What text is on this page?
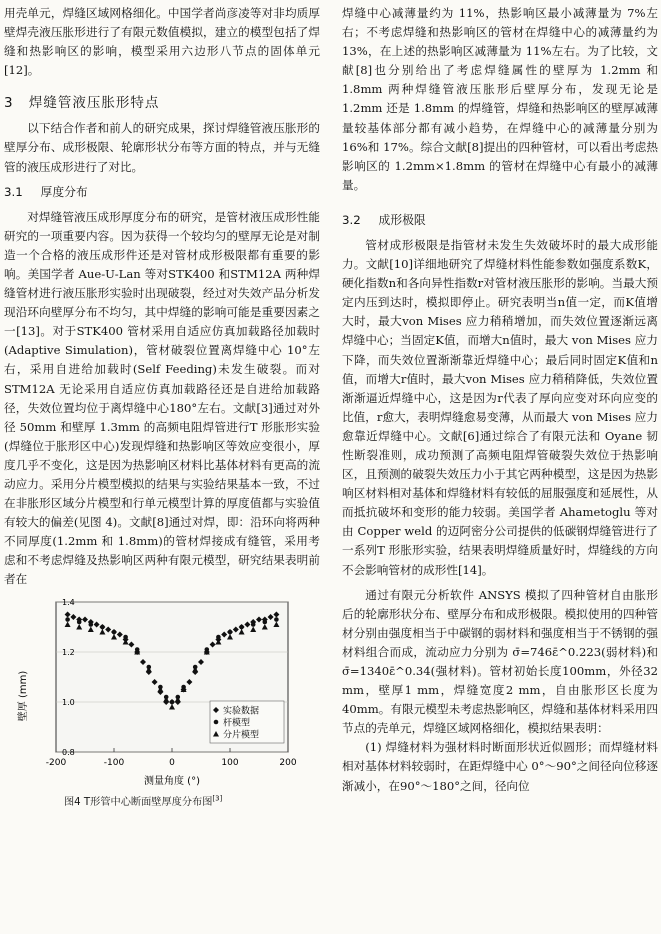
用壳单元，焊缝区域网格细化。中国学者尚彦凌等对非均质厚壁焊壳液压胀形进行了有限元数值模拟，建立的模型包括了焊缝和热影响区的影响，模型采用六边形八节点的固体单元[12]。

3 焊缝管液压胀形特点

以下结合作者和前人的研究成果，探讨焊缝管液压胀形的壁厚分布、成形极限、轮廓形状分布等方面的特点，并与无缝管的液压成形进行了对比。

3.1 厚度分布

对焊缝管液压成形厚度分布的研究，是管材液压成形性能研究的一项重要内容。因为获得一个较均匀的壁厚无论是对制造一个合格的液压成形件还是对管材成形极限都有重要的影响。美国学者 Aue-U-Lan 等对STK400 和STM12A 两种焊缝管材进行液压胀形实验时出现破裂，经过对失效产品分析发现沿环向壁厚分布不均匀，其中焊缝的影响可能是重要因素之一[13]。对于STK400 管材采用自适应仿真加载路径加载时(Adaptive Simulation)，管材破裂位置离焊缝中心 10°左右，采用自进给加载时(Self Feeding)未发生破裂。而对STM12A 无论采用自适应仿真加载路径还是自进给加载路径，失效位置均位于离焊缝中心180°左右。文献[3]通过对外径 50mm 和壁厚 1.3mm 的高频电阻焊管进行T 形胀形实验(焊缝位于胀形区中心)发现焊缝和热影响区等效应变很小，厚度几乎不变化，这是因为热影响区材料比基体材料有更高的流动应力。采用分片模型模拟的结果与实验结果基本一致，不过在非胀形区域分片模型和行单元模型计算的厚度值都与实验值有较大的偏差(见图 4)。文献[8]通过对焊，即：沿环向将两种不同厚度(1.2mm 和 1.8mm)的管材焊接成有缝管，采用考虑和不考虑焊缝及热影响区两种有限元模型，研究结果表明前者在

0.8
1.0
1.2
1.4
-200	-100	0	100	200
实验数据
杆模型
分片模型
壁厚 (mm)
测量角度 (°)
图4 T形管中心断面壁厚度分布图[3]

焊缝中心减薄量约为 11%，热影响区最小减薄量为 7%左右；不考虑焊缝和热影响区的管材在焊缝中心的减薄量约为 13%，在上述的热影响区减薄量为 11%左右。为了比较，文献[8]也分别给出了考虑焊缝属性的壁厚为 1.2mm 和 1.8mm 两种焊缝管液压胀形后壁厚分布，发现无论是 1.2mm 还是 1.8mm 的焊缝管，焊缝和热影响区的壁厚减薄量较基体部分都有减小趋势，在焊缝中心的减薄量分别为 16%和 17%。综合文献[8]提出的四种管材，可以看出考虑热影响区的 1.2mm×1.8mm 的管材在焊缝中心有最小的减薄量。

3.2 成形极限

管材成形极限是指管材未发生失效破坏时的最大成形能力。文献[10]详细地研究了焊缝材料性能参数如强度系数K，硬化指数n和各向异性指数r对管材液压胀形的影响。当最大预定内压到达时，模拟即停止。研究表明当n值一定，而K值增大时，最大von Mises 应力稍稍增加，而失效位置逐渐远离焊缝中心；当固定K值，而增大n值时，最大 von Mises 应力下降，而失效位置渐渐靠近焊缝中心；最后同时固定K值和n值，而增大r值时，最大von Mises 应力稍稍降低，失效位置渐渐逼近焊缝中心，这是因为r代表了厚向应变对环向应变的比值，r愈大，表明焊缝愈易变薄，从而最大 von Mises 应力愈靠近焊缝中心。文献[6]通过综合了有限元法和 Oyane 韧性断裂准则，成功预测了高频电阻焊管破裂失效位于热影响区，且预测的破裂失效压力小于其它两种模型，这是因为热影响区材料相对基体和焊缝材料有较低的屈服强度和延展性，从而抵抗破坏和变形的能力较弱。美国学者 Ahametoglu 等对由 Copper weld 的迈阿密分公司提供的低碳钢焊缝管进行了一系列T 形胀形实验，结果表明焊缝质量好时，焊缝线的方向不会影响管材的成形性[14]。

通过有限元分析软件 ANSYS 模拟了四种管材自由胀形后的轮廓形状分布、壁厚分布和成形极限。模拟使用的四种管材分别由强度相当于中碳钢的弱材料和强度相当于不锈钢的强材料组合而成，流动应力分别为 σ̄=746ε̄^0.223(弱材料)和 σ̄=1340ε̄^0.34(强材料)。管材初始长度100mm，外径32 mm，壁厚1 mm，焊缝宽度2 mm，自由胀形区长度为 40mm。有限元模型未考虑热影响区，焊缝和基体材料采用四节点的壳单元，焊缝区域网格细化，模拟结果表明：

(1) 焊缝材料为强材料时断面形状近似圆形；而焊缝材料相对基体材料较弱时，在距焊缝中心 0°～90°之间径向位移逐渐减小，在90°～180°之间，径向位
